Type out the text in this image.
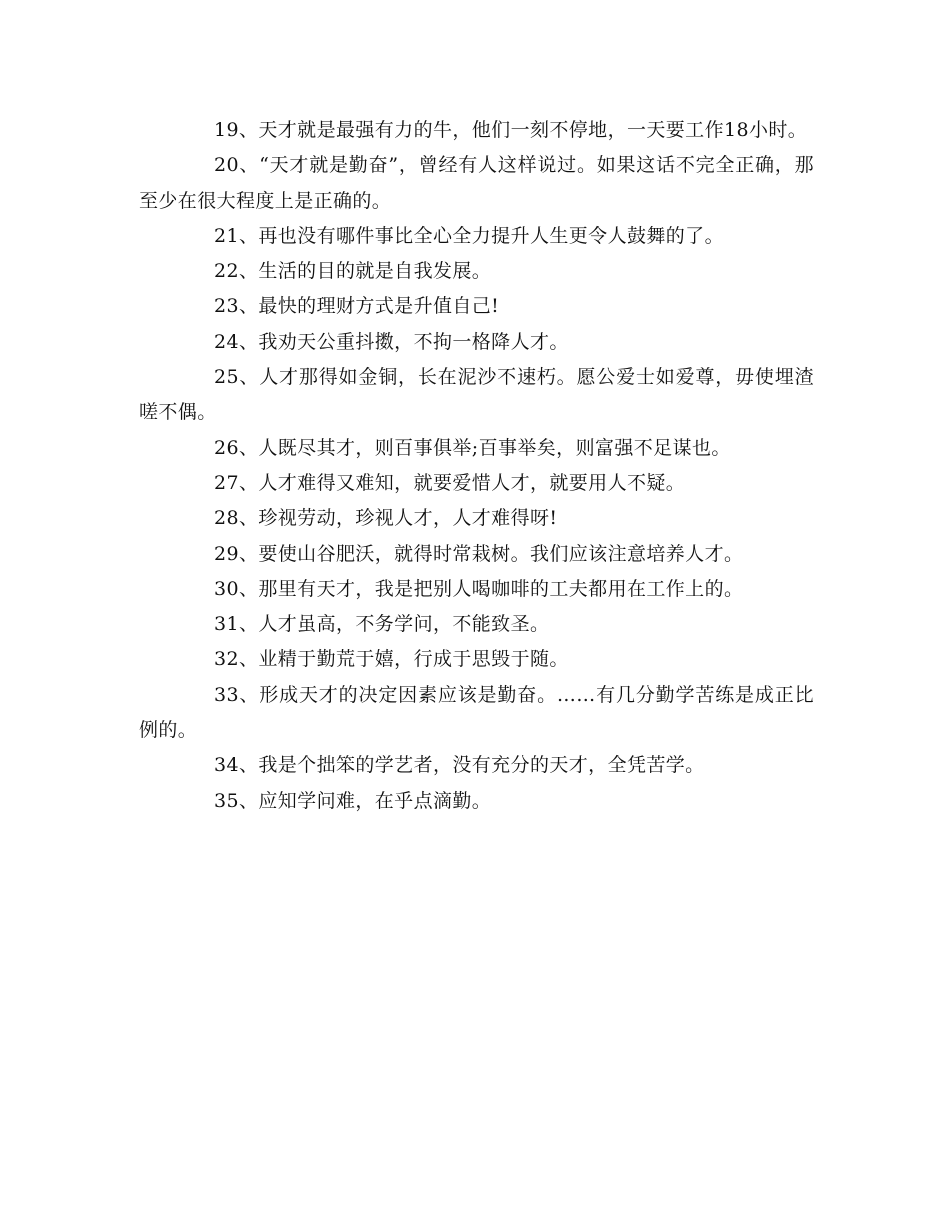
19、天才就是最强有力的牛，他们一刻不停地，一天要工作18小时。

20、“天才就是勤奋”，曾经有人这样说过。如果这话不完全正确，那至少在很大程度上是正确的。

21、再也没有哪件事比全心全力提升人生更令人鼓舞的了。

22、生活的目的就是自我发展。

23、最快的理财方式是升值自己!

24、我劝天公重抖擞，不拘一格降人才。

25、人才那得如金铜，长在泥沙不速朽。愿公爱士如爱尊，毋使埋渣嗟不偶。

26、人既尽其才，则百事俱举;百事举矣，则富强不足谋也。

27、人才难得又难知，就要爱惜人才，就要用人不疑。

28、珍视劳动，珍视人才，人才难得呀!

29、要使山谷肥沃，就得时常栽树。我们应该注意培养人才。

30、那里有天才，我是把别人喝咖啡的工夫都用在工作上的。

31、人才虽高，不务学问，不能致圣。

32、业精于勤荒于嬉，行成于思毁于随。

33、形成天才的决定因素应该是勤奋。……有几分勤学苦练是成正比例的。

34、我是个拙笨的学艺者，没有充分的天才，全凭苦学。

35、应知学问难，在乎点滴勤。
